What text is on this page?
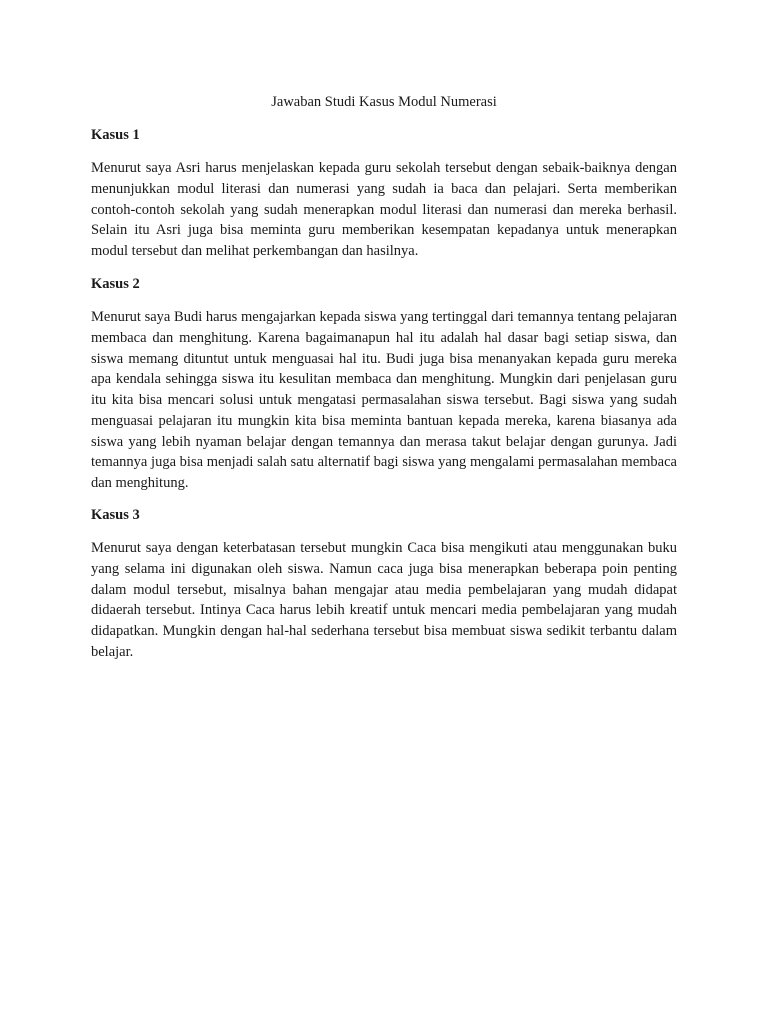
Jawaban Studi Kasus Modul Numerasi
Kasus 1

Menurut saya Asri harus menjelaskan kepada guru sekolah tersebut dengan sebaik-baiknya dengan menunjukkan modul literasi dan numerasi yang sudah ia baca dan pelajari. Serta memberikan contoh-contoh sekolah yang sudah menerapkan modul literasi dan numerasi dan mereka berhasil. Selain itu Asri juga bisa meminta guru memberikan kesempatan kepadanya untuk menerapkan modul tersebut dan melihat perkembangan dan hasilnya.

Kasus 2

Menurut saya Budi harus mengajarkan kepada siswa yang tertinggal dari temannya tentang pelajaran membaca dan menghitung. Karena bagaimanapun hal itu adalah hal dasar bagi setiap siswa, dan siswa memang dituntut untuk menguasai hal itu. Budi juga bisa menanyakan kepada guru mereka apa kendala sehingga siswa itu kesulitan membaca dan menghitung. Mungkin dari penjelasan guru itu kita bisa mencari solusi untuk mengatasi permasalahan siswa tersebut. Bagi siswa yang sudah menguasai pelajaran itu mungkin kita bisa meminta bantuan kepada mereka, karena biasanya ada siswa yang lebih nyaman belajar dengan temannya dan merasa takut belajar dengan gurunya. Jadi temannya juga bisa menjadi salah satu alternatif bagi siswa yang mengalami permasalahan membaca dan menghitung.

Kasus 3

Menurut saya dengan keterbatasan tersebut mungkin Caca bisa mengikuti atau menggunakan buku yang selama ini digunakan oleh siswa. Namun caca juga bisa menerapkan beberapa poin penting dalam modul tersebut, misalnya bahan mengajar atau media pembelajaran yang mudah didapat didaerah tersebut. Intinya Caca harus lebih kreatif untuk mencari media pembelajaran yang mudah didapatkan. Mungkin dengan hal-hal sederhana tersebut bisa membuat siswa sedikit terbantu dalam belajar.
